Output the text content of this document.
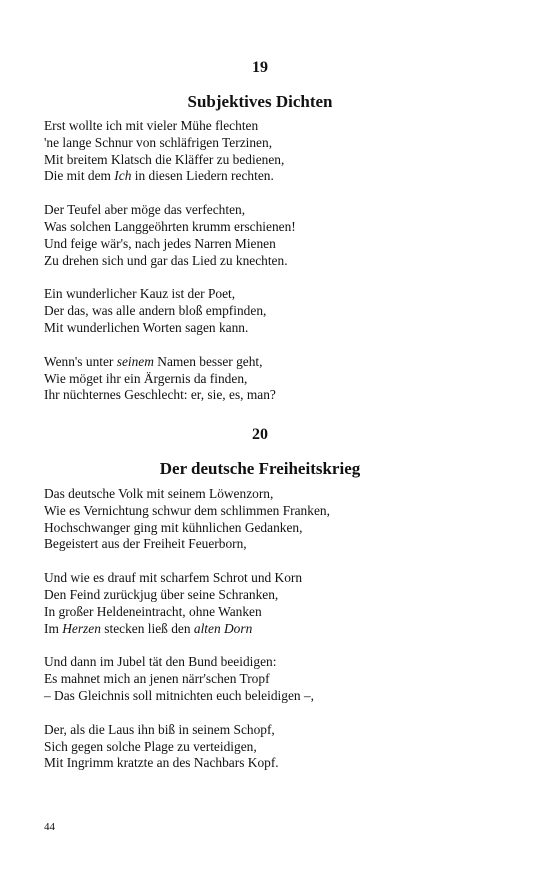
19
Subjektives Dichten
Erst wollte ich mit vieler Mühe flechten
'ne lange Schnur von schläfrigen Terzinen,
Mit breitem Klatsch die Kläffer zu bedienen,
Die mit dem Ich in diesen Liedern rechten.
Der Teufel aber möge das verfechten,
Was solchen Langgeöhrten krumm erschienen!
Und feige wär's, nach jedes Narren Mienen
Zu drehen sich und gar das Lied zu knechten.
Ein wunderlicher Kauz ist der Poet,
Der das, was alle andern bloß empfinden,
Mit wunderlichen Worten sagen kann.
Wenn's unter seinem Namen besser geht,
Wie möget ihr ein Ärgernis da finden,
Ihr nüchternes Geschlecht: er, sie, es, man?
20
Der deutsche Freiheitskrieg
Das deutsche Volk mit seinem Löwenzorn,
Wie es Vernichtung schwur dem schlimmen Franken,
Hochschwanger ging mit kühnlichen Gedanken,
Begeistert aus der Freiheit Feuerborn,
Und wie es drauf mit scharfem Schrot und Korn
Den Feind zurückjug über seine Schranken,
In großer Heldeneintracht, ohne Wanken
Im Herzen stecken ließ den alten Dorn
Und dann im Jubel tät den Bund beeidigen:
Es mahnet mich an jenen närr'schen Tropf
– Das Gleichnis soll mitnichten euch beleidigen –,
Der, als die Laus ihn biß in seinem Schopf,
Sich gegen solche Plage zu verteidigen,
Mit Ingrimm kratzte an des Nachbars Kopf.
44
